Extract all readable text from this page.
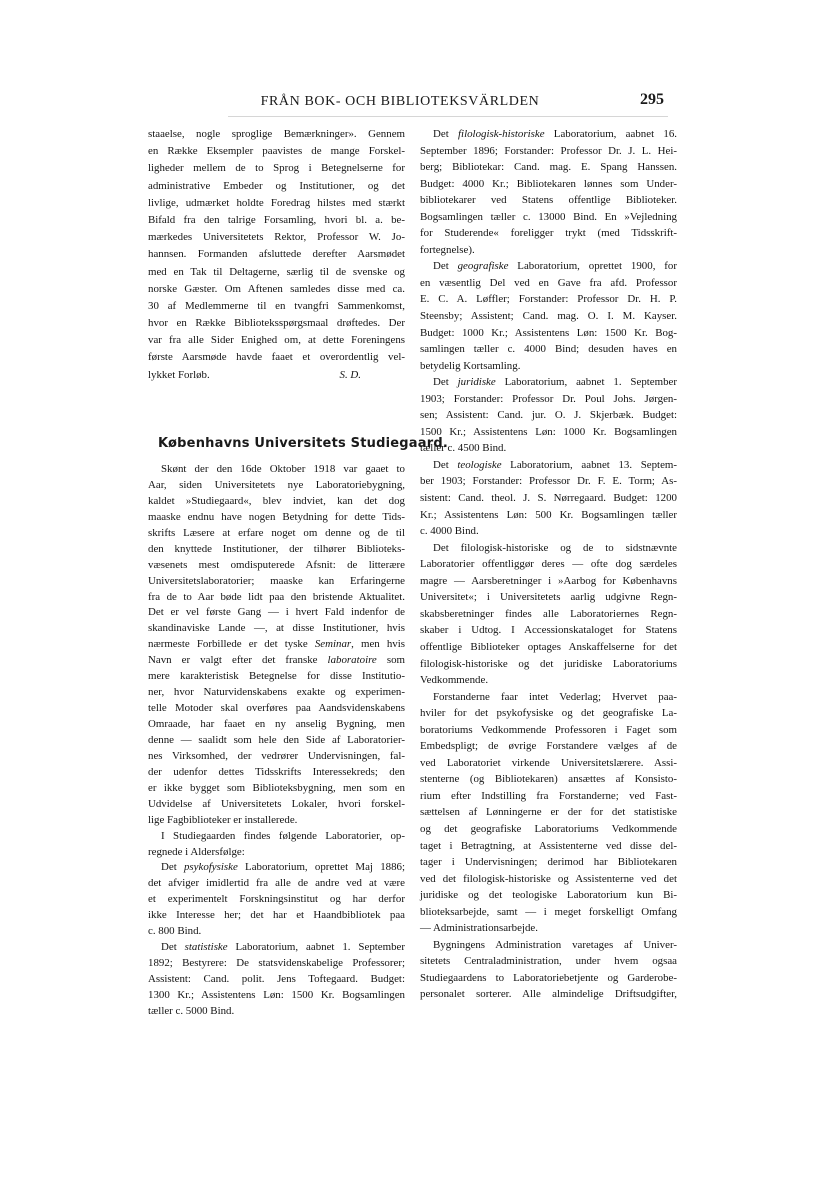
FRÅN BOK- OCH BIBLIOTEKSVÄRLDEN	295
staaelse, nogle sproglige Bemærkninger». Gennem
en Række Eksempler paavistes de mange Forskel-
ligheder mellem de to Sprog i Betegnelserne for
administrative Embeder og Institutioner, og det
livlige, udmærket holdte Foredrag hilstes med stærkt
Bifald fra den talrige Forsamling, hvori bl. a. be-
mærkedes Universitetets Rektor, Professor W. Jo-
hannsen. Formanden afsluttede derefter Aarsmødet
med en Tak til Deltagerne, særlig til de svenske og
norske Gæster. Om Aftenen samledes disse med ca.
30 af Medlemmerne til en tvangfri Sammenkomst,
hvor en Række Biblioteksspørgsmaal drøftedes. Der
var fra alle Sider Enighed om, at dette Foreningens
første Aarsmøde havde faaet et overordentlig vel-
lykket Forløb.	S. D.
Københavns Universitets Studiegaard.
Skønt der den 16de Oktober 1918 var gaaet to
Aar, siden Universitetets nye Laboratoriebygning,
kaldet »Studiegaard«, blev indviet, kan det dog
maaske endnu have nogen Betydning for dette Tids-
skrifts Læsere at erfare noget om denne og de til
den knyttede Institutioner, der tilhører Biblioteks-
væsenets mest omdisputerede Afsnit: de litterære
Universitetslaboratorier; maaske kan Erfaringerne
fra de to Aar bøde lidt paa den bristende Aktualitet.
Det er vel første Gang — i hvert Fald indenfor de
skandinaviske Lande —, at disse Institutioner, hvis
nærmeste Forbillede er det tyske Seminar, men hvis
Navn er valgt efter det franske laboratoire som
mere karakteristisk Betegnelse for disse Institutio-
ner, hvor Naturvidenskabens exakte og experimen-
telle Motoder skal overføres paa Aandsvidenskabens
Omraade, har faaet en ny anselig Bygning, men
denne — saalidt som hele den Side af Laboratorier-
nes Virksomhed, der vedrører Undervisningen, fal-
der udenfor dettes Tidsskrifts Interessekreds; den
er ikke bygget som Biblioteksbygning, men som en
Udvidelse af Universitetets Lokaler, hvori forskel-
lige Fagbiblioteker er installerede.
I Studiegaarden findes følgende Laboratorier, op-
regnede i Aldersfølge:
Det psykofysiske Laboratorium, oprettet Maj 1886;
det afviger imidlertid fra alle de andre ved at være
et experimentelt Forskningsinstitut og har derfor
ikke Interesse her; det har et Haandbibliotek paa
c. 800 Bind.
Det statistiske Laboratorium, aabnet 1. September
1892; Bestyrere: De statsvidenskabelige Professorer;
Assistent: Cand. polit. Jens Toftegaard. Budget:
1300 Kr.; Assistentens Løn: 1500 Kr. Bogsamlingen
tæller c. 5000 Bind.
Det filologisk-historiske Laboratorium, aabnet 16.
September 1896; Forstander: Professor Dr. J. L. Hei-
berg; Bibliotekar: Cand. mag. E. Spang Hanssen.
Budget: 4000 Kr.; Bibliotekaren lønnes som Under-
bibliotekarer ved Statens offentlige Biblioteker.
Bogsamlingen tæller c. 13000 Bind. En »Vejledning
for Studerende« foreligger trykt (med Tidsskrift-
fortegnelse).
Det geografiske Laboratorium, oprettet 1900, for
en væsentlig Del ved en Gave fra afd. Professor
E. C. A. Løffler; Forstander: Professor Dr. H. P.
Steensby; Assistent; Cand. mag. O. I. M. Kayser.
Budget: 1000 Kr.; Assistentens Løn: 1500 Kr. Bog-
samlingen tæller c. 4000 Bind; desuden haves en
betydelig Kortsamling.
Det juridiske Laboratorium, aabnet 1. September
1903; Forstander: Professor Dr. Poul Johs. Jørgen-
sen; Assistent: Cand. jur. O. J. Skjerbæk. Budget:
1500 Kr.; Assistentens Løn: 1000 Kr. Bogsamlingen
tæller c. 4500 Bind.
Det teologiske Laboratorium, aabnet 13. Septem-
ber 1903; Forstander: Professor Dr. F. E. Torm; As-
sistent: Cand. theol. J. S. Nørregaard. Budget: 1200
Kr.; Assistentens Løn: 500 Kr. Bogsamlingen tæller
c. 4000 Bind.
Det filologisk-historiske og de to sidstnævnte
Laboratorier offentliggør deres — ofte dog særdeles
magre — Aarsberetninger i »Aarbog for Københavns
Universitet«; i Universitetets aarlig udgivne Regn-
skabsberetninger findes alle Laboratoriernes Regn-
skaber i Udtog. I Accessionskataloget for Statens
offentlige Biblioteker optages Anskaffelserne for det
filologisk-historiske og det juridiske Laboratoriums
Vedkommende.
Forstanderne faar intet Vederlag; Hvervet paa-
hviler for det psykofysiske og det geografiske La-
boratoriums Vedkommende Professoren i Faget som
Embedspligt; de øvrige Forstandere vælges af de
ved Laboratoriet virkende Universitetslærere. Assi-
stenterne (og Bibliotekaren) ansættes af Konsisto-
rium efter Indstilling fra Forstanderne; ved Fast-
sættelsen af Lønningerne er der for det statistiske
og det geografiske Laboratoriums Vedkommende
taget i Betragtning, at Assistenterne ved disse del-
tager i Undervisningen; derimod har Bibliotekaren
ved det filologisk-historiske og Assistenterne ved det
juridiske og det teologiske Laboratorium kun Bi-
blioteksarbejde, samt — i meget forskelligt Omfang
— Administrationsarbejde.
Bygningens Administration varetages af Univer-
sitetets Centraladministration, under hvem ogsaa
Studiegaardens to Laboratoriebetjente og Garderobe-
personalet sorterer. Alle almindelige Driftsudgifter,
